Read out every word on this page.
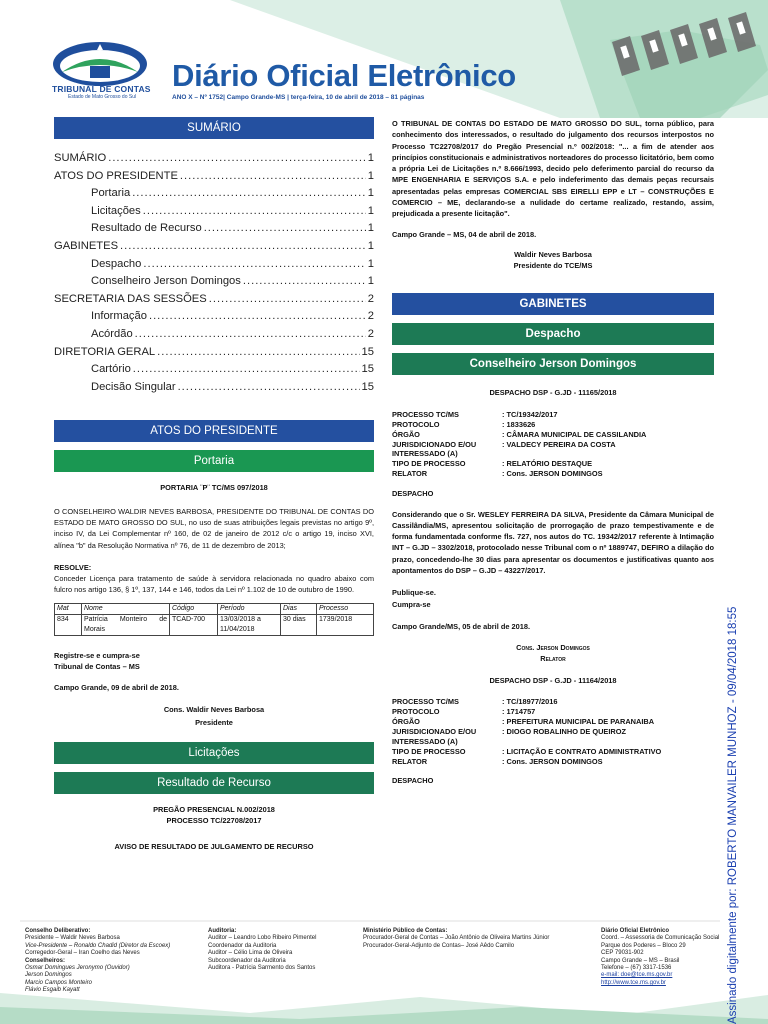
TRIBUNAL DE CONTAS
Estado de Mato Grosso do Sul
Diário Oficial Eletrônico
ANO X – Nº 1752| Campo Grande-MS | terça-feira, 10 de abril de 2018 – 81 páginas
SUMÁRIO
SUMÁRIO .....	1
ATOS DO PRESIDENTE .....	1
Portaria .....	1
Licitações .....	1
Resultado de Recurso .....	1
GABINETES .....	1
Despacho .....	1
Conselheiro Jerson Domingos .....	1
SECRETARIA DAS SESSÕES .....	2
Informação .....	2
Acórdão .....	2
DIRETORIA GERAL .....	15
Cartório .....	15
Decisão Singular .....	15
ATOS DO PRESIDENTE
Portaria
PORTARIA ¨P¨ TC/MS 097/2018
O CONSELHEIRO WALDIR NEVES BARBOSA, PRESIDENTE DO TRIBUNAL DE CONTAS DO ESTADO DE MATO GROSSO DO SUL, no uso de suas atribuições legais previstas no artigo 9º, inciso IV, da Lei Complementar nº 160, de 02 de janeiro de 2012 c/c o artigo 19, inciso XVI, alínea "b" da Resolução Normativa nº 76, de 11 de dezembro de 2013;
RESOLVE:
Conceder Licença para tratamento de saúde à servidora relacionada no quadro abaixo com fulcro nos artigo 136, § 1º, 137, 144 e 146, todos da Lei nº 1.102 de 10 de outubro de 1990.
Mat	Nome	Código	Período	Dias	Processo
834	Patrícia Monteiro de Morais	TCAD-700	13/03/2018 a 11/04/2018	30 dias	1739/2018
Registre-se e cumpra-se
Tribunal de Contas – MS
Campo Grande, 09 de abril de 2018.
Cons. Waldir Neves Barbosa
Presidente
Licitações
Resultado de Recurso
PREGÃO PRESENCIAL N.002/2018
PROCESSO TC/22708/2017
AVISO DE RESULTADO DE JULGAMENTO DE RECURSO
O TRIBUNAL DE CONTAS DO ESTADO DE MATO GROSSO DO SUL, torna público, para conhecimento dos interessados, o resultado do julgamento dos recursos interpostos no Processo TC22708/2017 do Pregão Presencial n.º 002/2018: "... a fim de atender aos princípios constitucionais e administrativos norteadores do processo licitatório, bem como a própria Lei de Licitações n.º 8.666/1993, decido pelo deferimento parcial do recurso da MPE ENGENHARIA E SERVIÇOS S.A. e pelo indeferimento das demais peças recursais apresentadas pelas empresas COMERCIAL SBS EIRELLI EPP e LT – CONSTRUÇÕES E COMERCIO – ME, declarando-se a nulidade do certame realizado, restando, assim, prejudicada a presente licitação".
Campo Grande – MS, 04 de abril de 2018.
Waldir Neves Barbosa
Presidente do TCE/MS
GABINETES
Despacho
Conselheiro Jerson Domingos
DESPACHO DSP - G.JD - 11165/2018
PROCESSO TC/MS	: TC/19342/2017
PROTOCOLO	: 1833626
ÓRGÃO	: CÂMARA MUNICIPAL DE CASSILANDIA
JURISDICIONADO E/OU	: VALDECY PEREIRA DA COSTA
INTERESSADO (A)
TIPO DE PROCESSO	: RELATÓRIO DESTAQUE
RELATOR	: Cons. JERSON DOMINGOS
DESPACHO
Considerando que o Sr. WESLEY FERREIRA DA SILVA, Presidente da Câmara Municipal de Cassilândia/MS, apresentou solicitação de prorrogação de prazo tempestivamente e de forma fundamentada conforme fls. 727, nos autos do TC. 19342/2017 referente à Intimação INT – G.JD – 3302/2018, protocolado nesse Tribunal com o nº 1889747, DEFIRO a dilação do prazo, concedendo-lhe 30 dias para apresentar os documentos e justificativas quanto aos apontamentos do DSP – G.JD – 43227/2017.
Publique-se.
Cumpra-se
Campo Grande/MS, 05 de abril de 2018.
Cons. Jerson Domingos
Relator
DESPACHO DSP - G.JD - 11164/2018
PROCESSO TC/MS	: TC/18977/2016
PROTOCOLO	: 1714757
ÓRGÃO	: PREFEITURA MUNICIPAL DE PARANAIBA
JURISDICIONADO E/OU	: DIOGO ROBALINHO DE QUEIROZ
INTERESSADO (A)
TIPO DE PROCESSO	: LICITAÇÃO E CONTRATO ADMINISTRATIVO
RELATOR	: Cons. JERSON DOMINGOS
DESPACHO
Conselho Deliberativo:
Presidente – Waldir Neves Barbosa
Vice-Presidente – Ronaldo Chadid (Diretor da Escoex)
Corregedor-Geral – Iran Coelho das Neves
Conselheiros:
Osmar Domingues Jeronymo (Ouvidor)
Jerson Domingos
Marcio Campos Monteiro
Flávio Esgaib Kayatt
Auditoria:
Auditor – Leandro Lobo Ribeiro Pimentel
Coordenador da Auditoria
Auditor – Célio Lima de Oliveira
Subcoordenador da Auditoria
Auditora - Patrícia Sarmento dos Santos
Ministério Público de Contas:
Procurador-Geral de Contas – João Antônio de Oliveira Martins Júnior
Procurador-Geral-Adjunto de Contas– José Aêdo Camilo
Diário Oficial Eletrônico
Coord. – Assessoria de Comunicação Social
Parque dos Poderes – Bloco 29
CEP 79031-902
Campo Grande – MS – Brasil
Telefone – (67) 3317-1536
e-mail: doe@tce.ms.gov.br
http://www.tce.ms.gov.br	Assinado digitalmente por: ROBERTO MANVAILER MUNHOZ - 09/04/2018 18:55
